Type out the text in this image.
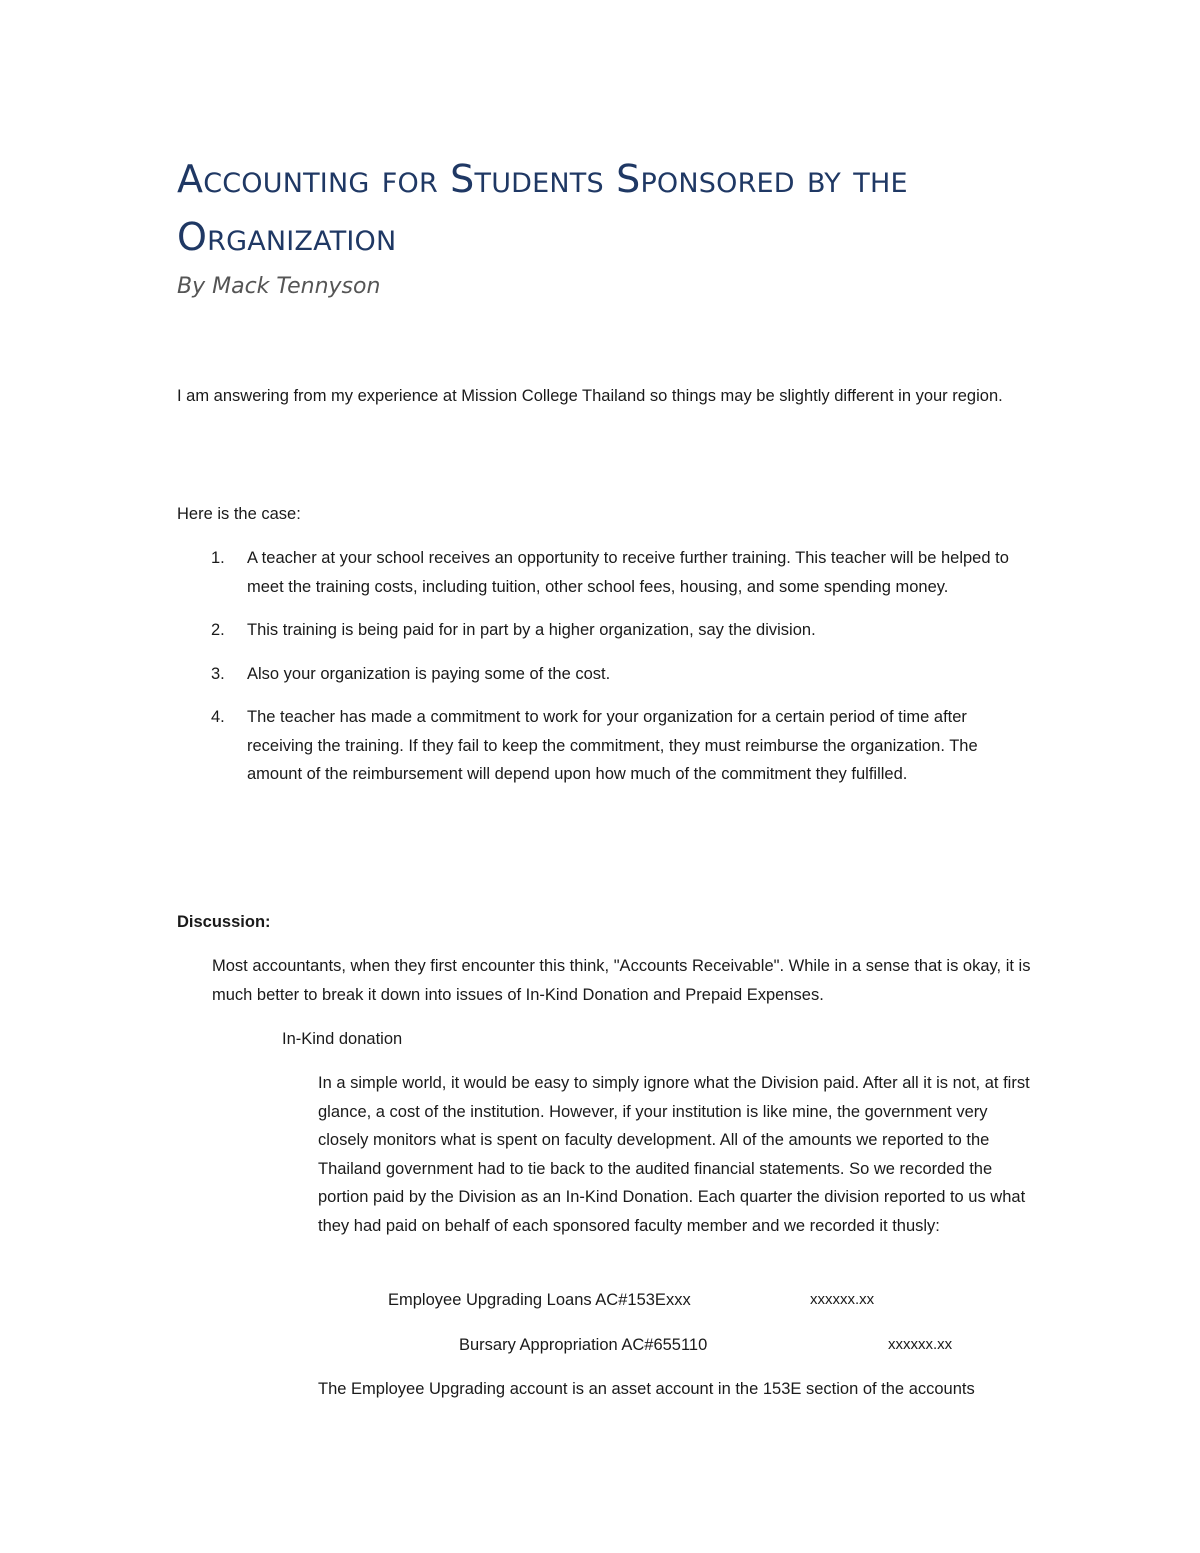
Accounting for Students Sponsored by the Organization
By Mack Tennyson

I am answering from my experience at Mission College Thailand so things may be slightly different in your region.

Here is the case:

1. A teacher at your school receives an opportunity to receive further training. This teacher will be helped to meet the training costs, including tuition, other school fees, housing, and some spending money.
2. This training is being paid for in part by a higher organization, say the division.
3. Also your organization is paying some of the cost.
4. The teacher has made a commitment to work for your organization for a certain period of time after receiving the training. If they fail to keep the commitment, they must reimburse the organization. The amount of the reimbursement will depend upon how much of the commitment they fulfilled.

Discussion:

Most accountants, when they first encounter this think, "Accounts Receivable". While in a sense that is okay, it is much better to break it down into issues of In-Kind Donation and Prepaid Expenses.

In-Kind donation

In a simple world, it would be easy to simply ignore what the Division paid. After all it is not, at first glance, a cost of the institution. However, if your institution is like mine, the government very closely monitors what is spent on faculty development. All of the amounts we reported to the Thailand government had to tie back to the audited financial statements. So we recorded the portion paid by the Division as an In-Kind Donation. Each quarter the division reported to us what they had paid on behalf of each sponsored faculty member and we recorded it thusly:

Employee Upgrading Loans AC#153Exxx	xxxxxx.xx
Bursary Appropriation AC#655110	xxxxxx.xx

The Employee Upgrading account is an asset account in the 153E section of the accounts
